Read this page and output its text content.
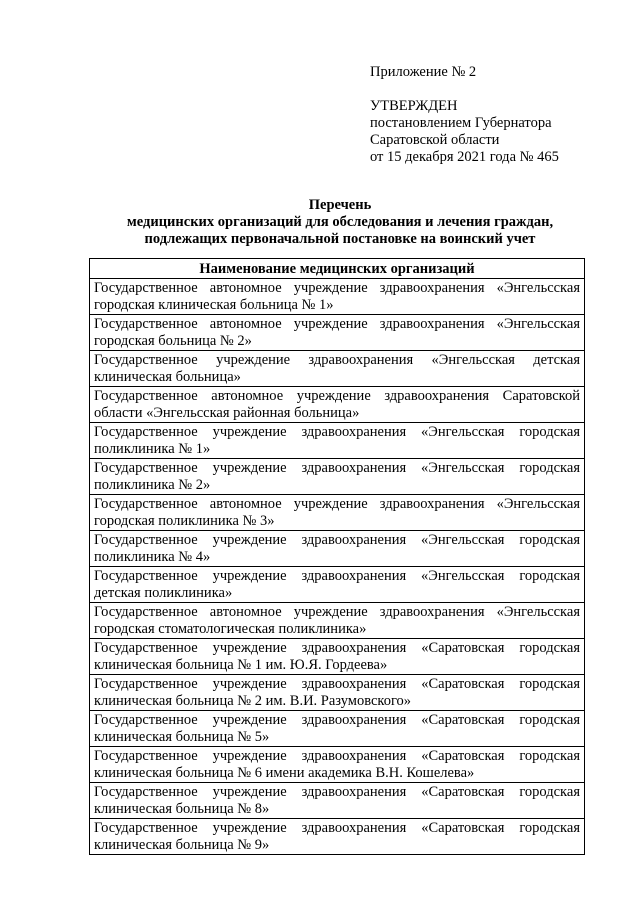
Приложение № 2
УТВЕРЖДЕН
постановлением Губернатора
Саратовской области
от 15 декабря 2021 года № 465
Перечень
медицинских организаций для обследования и лечения граждан,
подлежащих первоначальной постановке на воинский учет
Наименование медицинских организаций

Государственное автономное учреждение здравоохранения «Энгельсская
городская клиническая больница № 1»

Государственное автономное учреждение здравоохранения «Энгельсская
городская больница № 2»

Государственное учреждение здравоохранения «Энгельсская детская
клиническая больница»

Государственное автономное учреждение здравоохранения Саратовской
области «Энгельсская районная больница»

Государственное учреждение здравоохранения «Энгельсская городская
поликлиника № 1»

Государственное учреждение здравоохранения «Энгельсская городская
поликлиника № 2»

Государственное автономное учреждение здравоохранения «Энгельсская
городская поликлиника № 3»

Государственное учреждение здравоохранения «Энгельсская городская
поликлиника № 4»

Государственное учреждение здравоохранения «Энгельсская городская
детская поликлиника»

Государственное автономное учреждение здравоохранения «Энгельсская
городская стоматологическая поликлиника»

Государственное учреждение здравоохранения «Саратовская городская
клиническая больница № 1 им. Ю.Я. Гордеева»

Государственное учреждение здравоохранения «Саратовская городская
клиническая больница № 2 им. В.И. Разумовского»

Государственное учреждение здравоохранения «Саратовская городская
клиническая больница № 5»

Государственное учреждение здравоохранения «Саратовская городская
клиническая больница № 6 имени академика В.Н. Кошелева»

Государственное учреждение здравоохранения «Саратовская городская
клиническая больница № 8»

Государственное учреждение здравоохранения «Саратовская городская
клиническая больница № 9»
